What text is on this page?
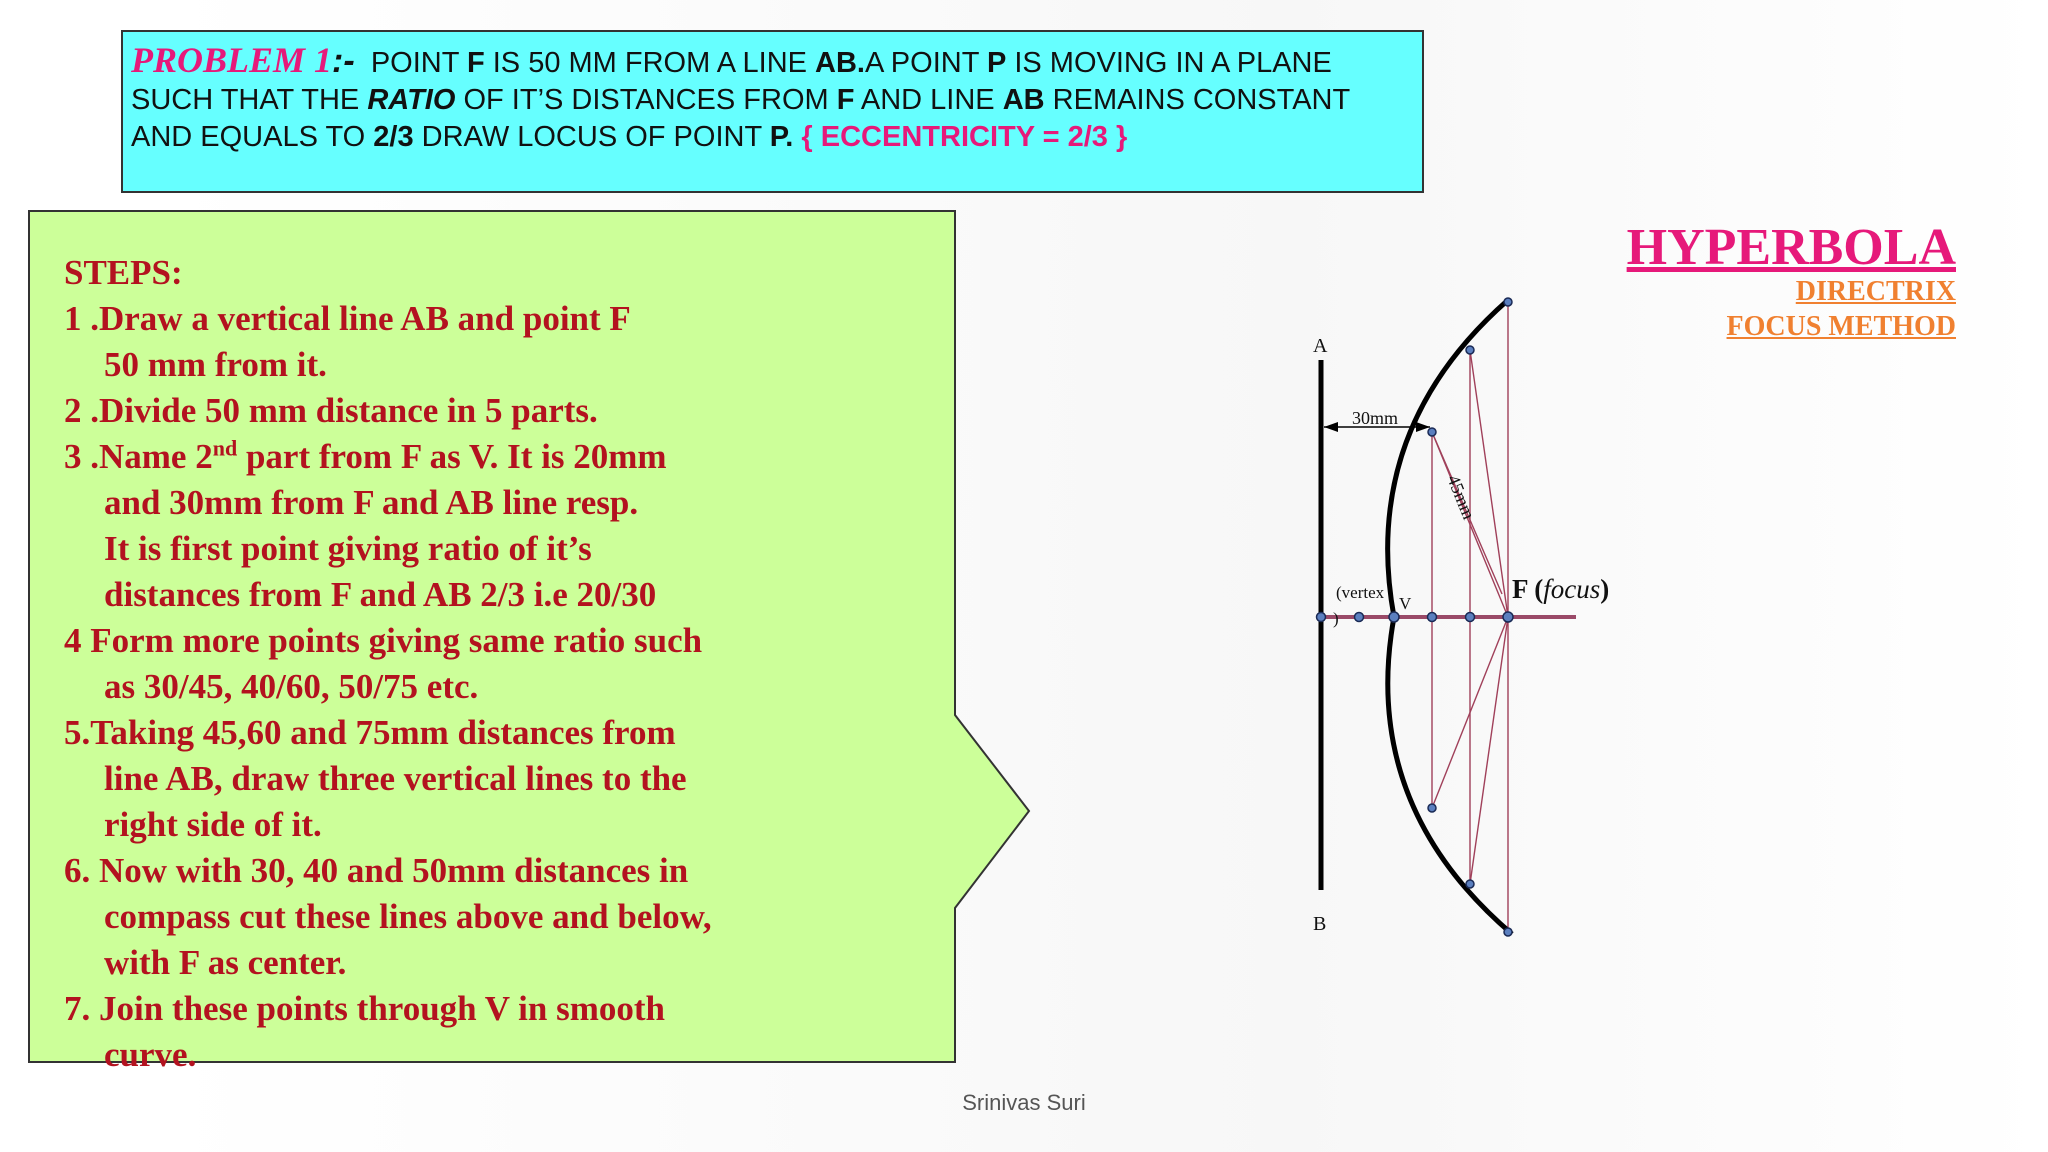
PROBLEM 1:- POINT F IS 50 MM FROM A LINE AB.A POINT P IS MOVING IN A PLANE
SUCH THAT THE RATIO OF IT’S DISTANCES FROM F AND LINE AB REMAINS CONSTANT
AND EQUALS TO 2/3 DRAW LOCUS OF POINT P. { ECCENTRICITY = 2/3 }
STEPS:
1 .Draw a vertical line AB and point F
50 mm from it.
2 .Divide 50 mm distance in 5 parts.
3 .Name 2nd part from F as V. It is 20mm
and 30mm from F and AB line resp.
It is first point giving ratio of it’s
distances from F and AB 2/3 i.e 20/30
4 Form more points giving same ratio such
as 30/45, 40/60, 50/75 etc.
5.Taking 45,60 and 75mm distances from
line AB, draw three vertical lines to the
right side of it.
6. Now with 30, 40 and 50mm distances in
compass cut these lines above and below,
with F as center.
7. Join these points through V in smooth
curve.
HYPERBOLA
DIRECTRIX
FOCUS METHOD
A
B
30mm
45mm
(vertex
)
V	F (focus)
Srinivas Suri
